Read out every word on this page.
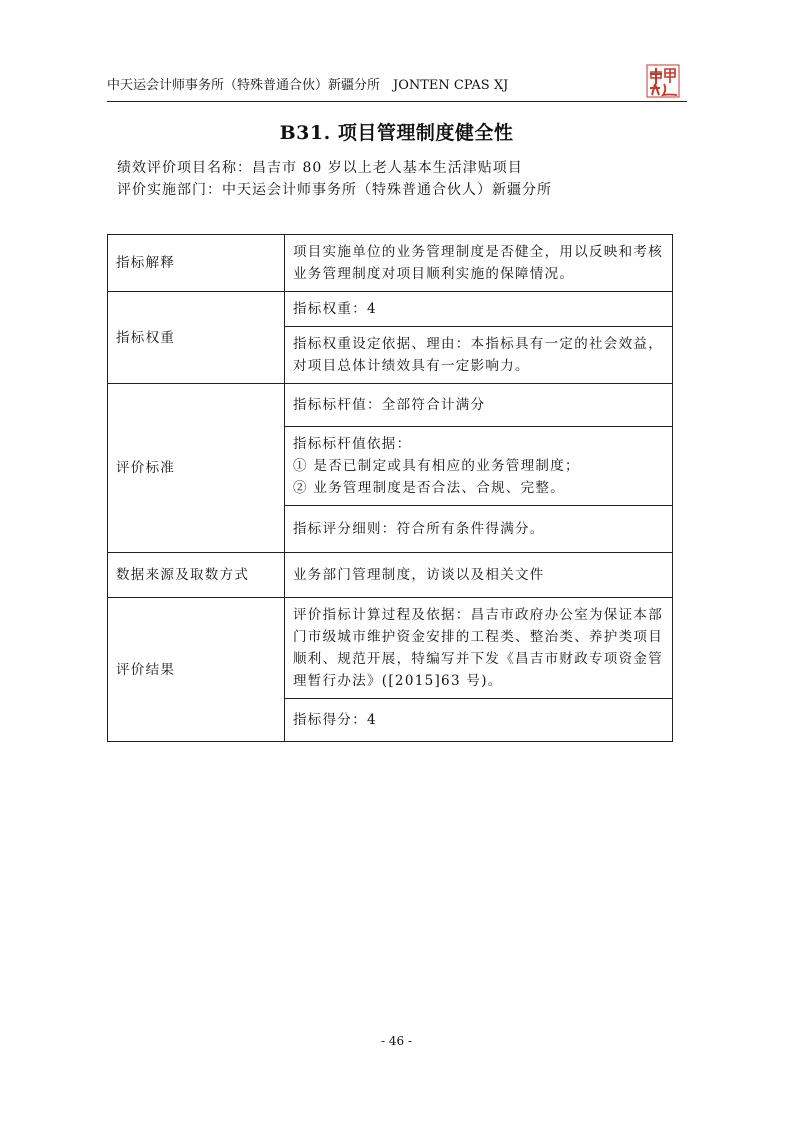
中天运会计师事务所（特殊普通合伙）新疆分所　JONTEN CPAS XJ
B31. 项目管理制度健全性
绩效评价项目名称：昌吉市 80 岁以上老人基本生活津贴项目
评价实施部门：中天运会计师事务所（特殊普通合伙人）新疆分所
指标解释	项目实施单位的业务管理制度是否健全，用以反映和考核业务管理制度对项目顺利实施的保障情况。
指标权重	指标权重：4
	指标权重设定依据、理由：本指标具有一定的社会效益，对项目总体计绩效具有一定影响力。
评价标准	指标标杆值：全部符合计满分

	指标标杆值依据：
① 是否已制定或具有相应的业务管理制度；
② 业务管理制度是否合法、合规、完整。

	指标评分细则：符合所有条件得满分。
数据来源及取数方式	业务部门管理制度，访谈以及相关文件
评价结果	评价指标计算过程及依据：昌吉市政府办公室为保证本部门市级城市维护资金安排的工程类、整治类、养护类项目顺利、规范开展，特编写并下发《昌吉市财政专项资金管理暂行办法》([2015]63 号)。
	指标得分：4
- 46 -
